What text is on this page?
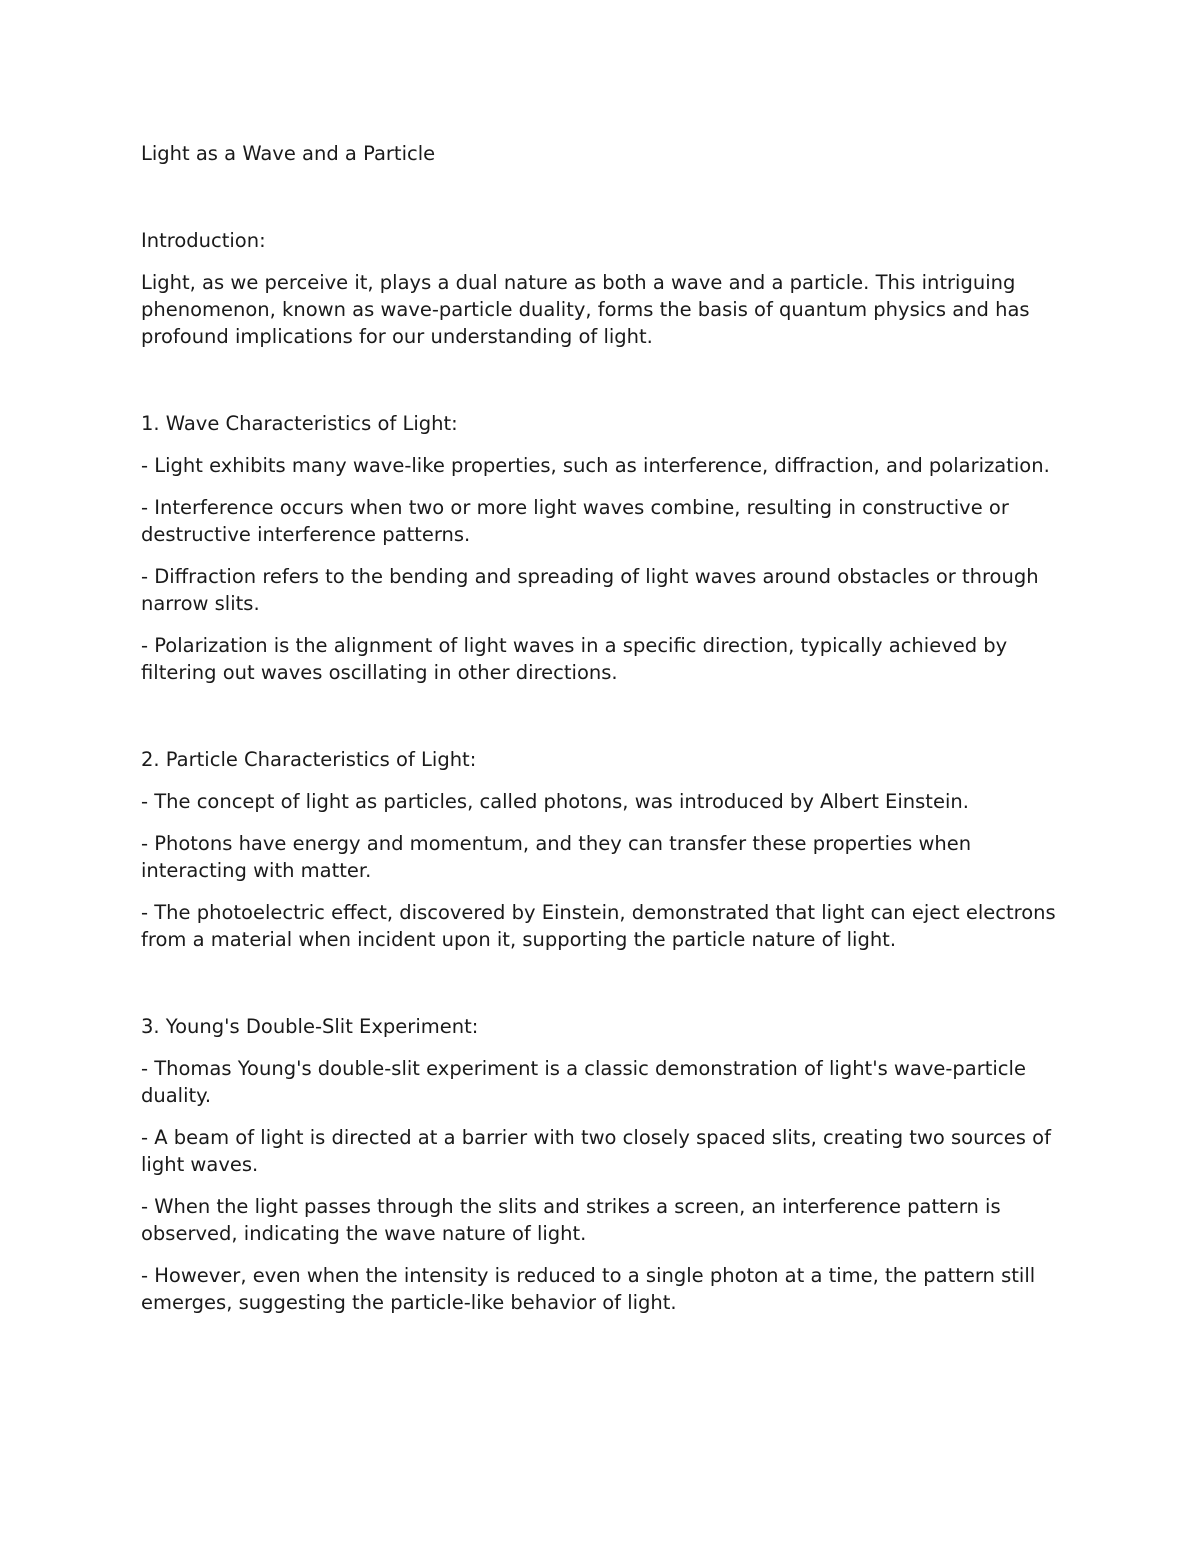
Light as a Wave and a Particle
Introduction:

Light, as we perceive it, plays a dual nature as both a wave and a particle. This intriguing phenomenon, known as wave-particle duality, forms the basis of quantum physics and has profound implications for our understanding of light.

1. Wave Characteristics of Light:

- Light exhibits many wave-like properties, such as interference, diffraction, and polarization.

- Interference occurs when two or more light waves combine, resulting in constructive or destructive interference patterns.

- Diffraction refers to the bending and spreading of light waves around obstacles or through narrow slits.

- Polarization is the alignment of light waves in a specific direction, typically achieved by filtering out waves oscillating in other directions.

2. Particle Characteristics of Light:

- The concept of light as particles, called photons, was introduced by Albert Einstein.

- Photons have energy and momentum, and they can transfer these properties when interacting with matter.

- The photoelectric effect, discovered by Einstein, demonstrated that light can eject electrons from a material when incident upon it, supporting the particle nature of light.

3. Young's Double-Slit Experiment:

- Thomas Young's double-slit experiment is a classic demonstration of light's wave-particle duality.

- A beam of light is directed at a barrier with two closely spaced slits, creating two sources of light waves.

- When the light passes through the slits and strikes a screen, an interference pattern is observed, indicating the wave nature of light.

- However, even when the intensity is reduced to a single photon at a time, the pattern still emerges, suggesting the particle-like behavior of light.
